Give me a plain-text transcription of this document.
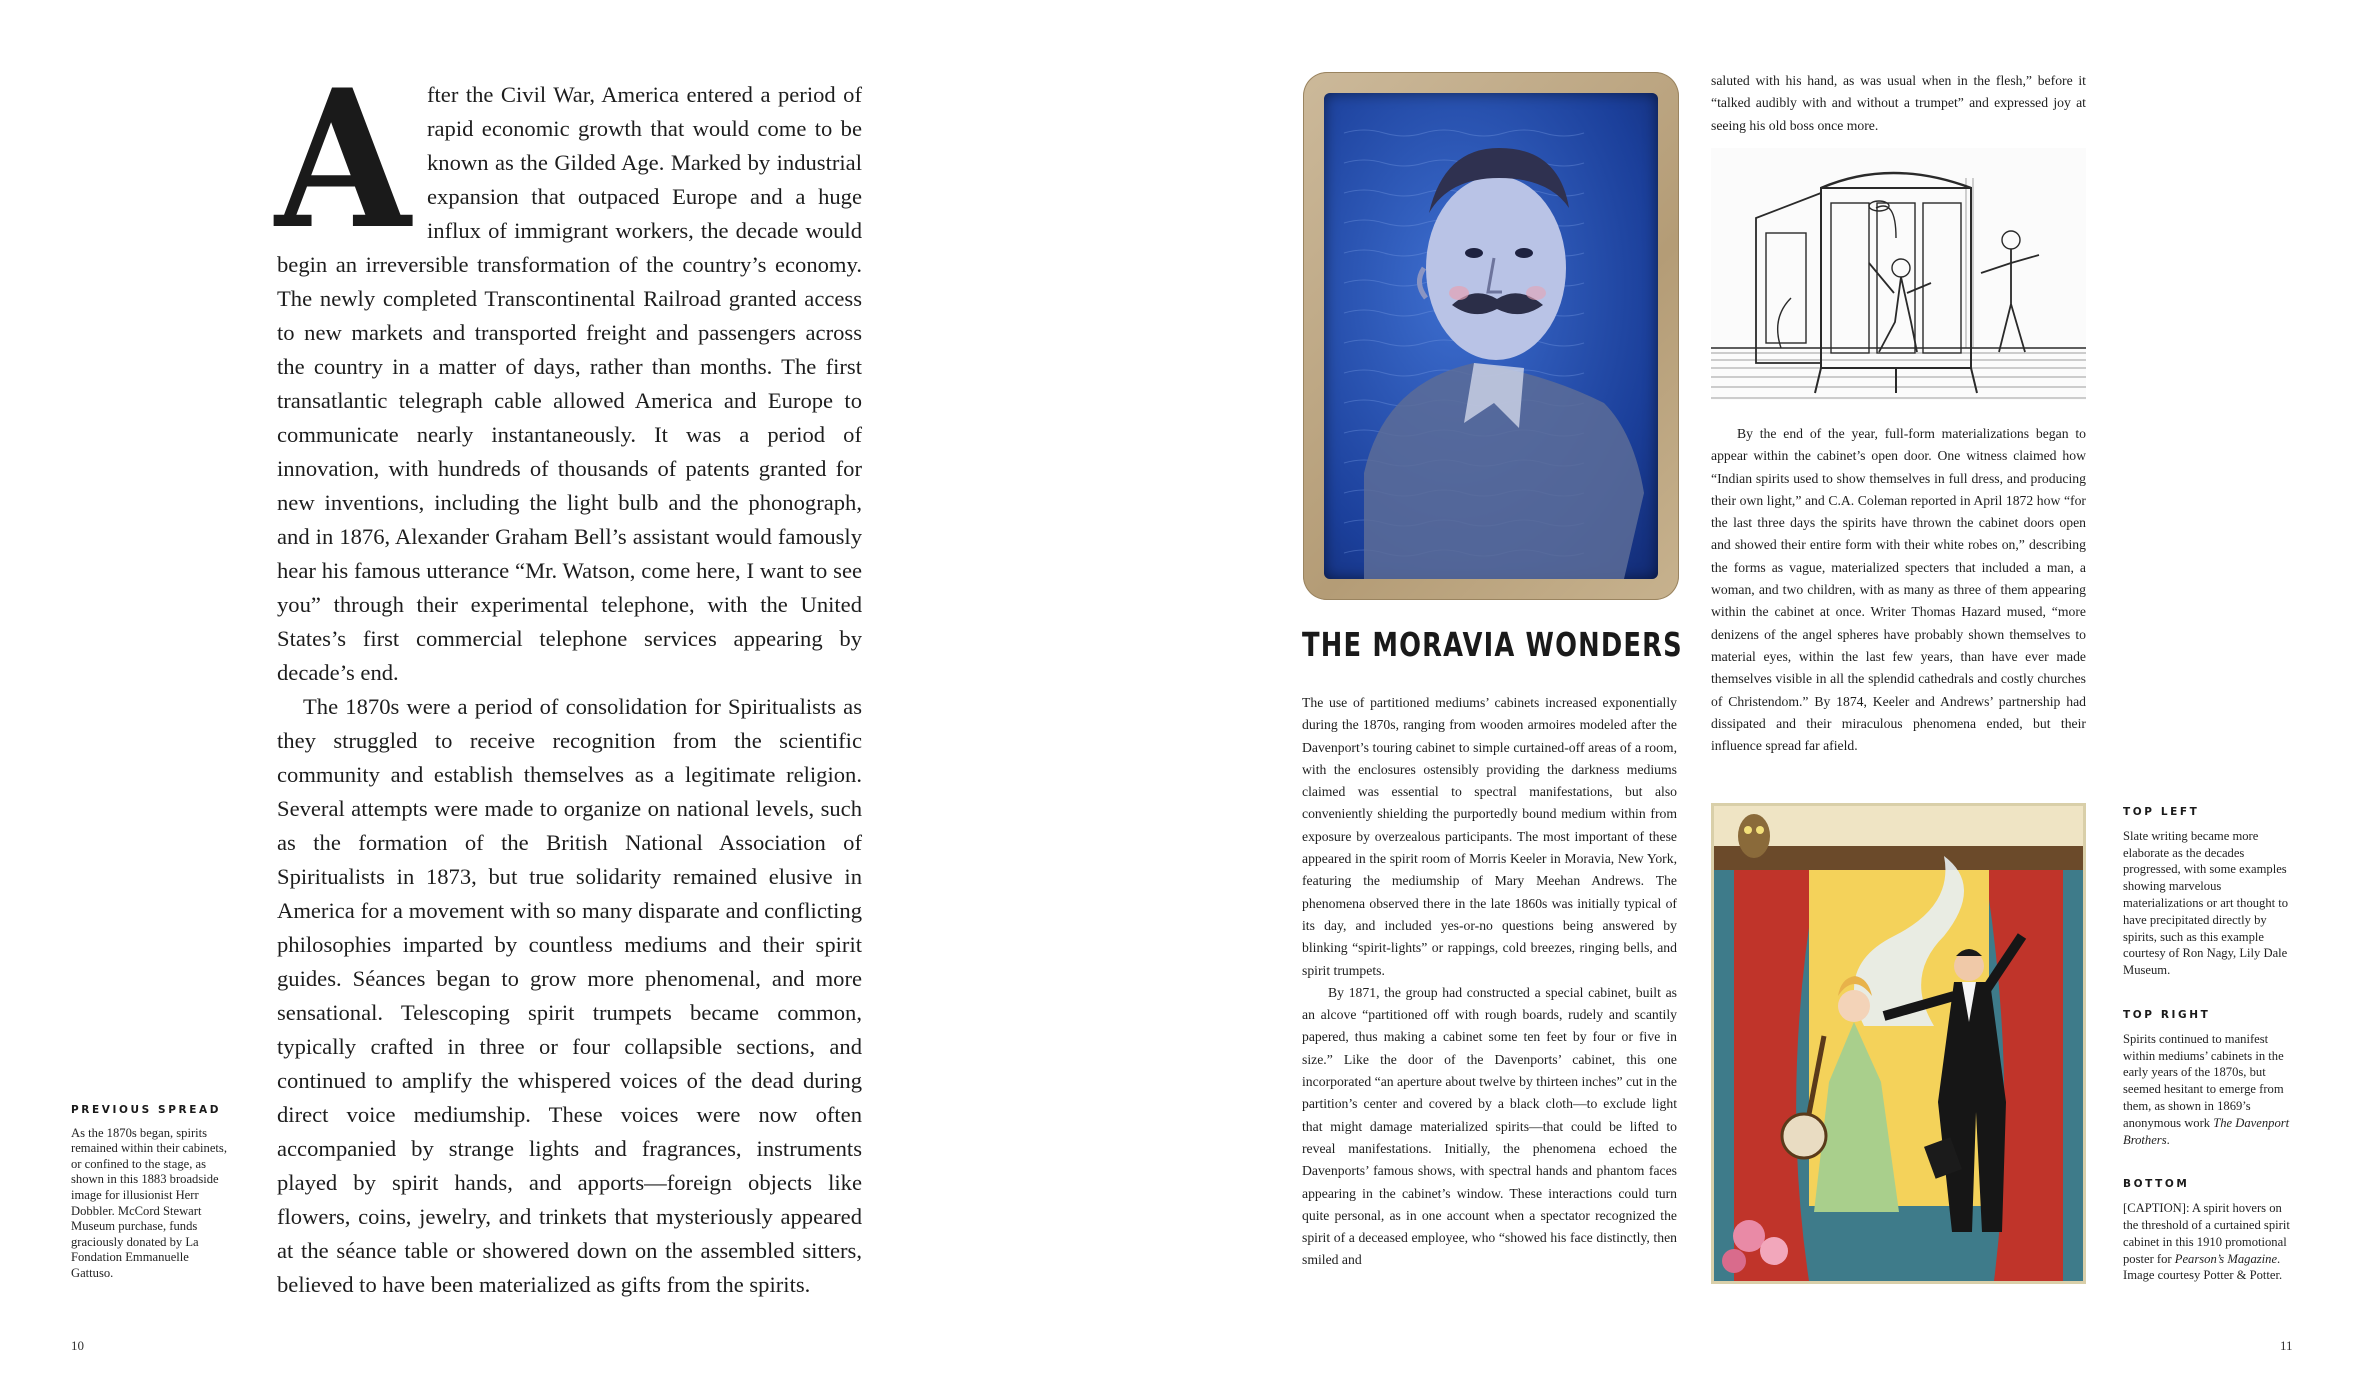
After the Civil War, America entered a period of rapid economic growth that would come to be known as the Gilded Age. Marked by industrial expansion that outpaced Europe and a huge influx of immigrant workers, the decade would begin an irreversible transformation of the country’s economy. The newly completed Transcontinental Railroad granted access to new markets and transported freight and passengers across the country in a matter of days, rather than months. The first transatlantic telegraph cable allowed America and Europe to communicate nearly instantaneously. It was a period of innovation, with hundreds of thousands of patents granted for new inventions, including the light bulb and the phonograph, and in 1876, Alexander Graham Bell’s assistant would famously hear his famous utterance “Mr. Watson, come here, I want to see you” through their experimental telephone, with the United States’s first commercial telephone services appearing by decade’s end.

The 1870s were a period of consolidation for Spiritualists as they struggled to receive recognition from the scientific community and establish themselves as a legitimate religion. Several attempts were made to organize on national levels, such as the formation of the British National Association of Spiritualists in 1873, but true solidarity remained elusive in America for a movement with so many disparate and conflicting philosophies imparted by countless mediums and their spirit guides. Séances began to grow more phenomenal, and more sensational. Telescoping spirit trumpets became common, typically crafted in three or four collapsible sections, and continued to amplify the whispered voices of the dead during direct voice mediumship. These voices were now often accompanied by strange lights and fragrances, instruments played by spirit hands, and apports—foreign objects like flowers, coins, jewelry, and trinkets that mysteriously appeared at the séance table or showered down on the assembled sitters, believed to have been materialized as gifts from the spirits.

PREVIOUS SPREAD
As the 1870s began, spirits remained within their cabinets, or confined to the stage, as shown in this 1883 broadside image for illusionist Herr Dobbler. McCord Stewart Museum purchase, funds graciously donated by La Fondation Emmanuelle Gattuso.
10
THE MORAVIA WONDERS

The use of partitioned mediums’ cabinets increased exponentially during the 1870s, ranging from wooden armoires modeled after the Davenport’s touring cabinet to simple curtained-off areas of a room, with the enclosures ostensibly providing the darkness mediums claimed was essential to spectral manifestations, but also conveniently shielding the purportedly bound medium within from exposure by overzealous participants. The most important of these appeared in the spirit room of Morris Keeler in Moravia, New York, featuring the mediumship of Mary Meehan Andrews. The phenomena observed there in the late 1860s was initially typical of its day, and included yes-or-no questions being answered by blinking “spirit-lights” or rappings, cold breezes, ringing bells, and spirit trumpets.

By 1871, the group had constructed a special cabinet, built as an alcove “partitioned off with rough boards, rudely and scantily papered, thus making a cabinet some ten feet by four or five in size.” Like the door of the Davenports’ cabinet, this one incorporated “an aperture about twelve by thirteen inches” cut in the partition’s center and covered by a black cloth—to exclude light that might damage materialized spirits—that could be lifted to reveal manifestations. Initially, the phenomena echoed the Davenports’ famous shows, with spectral hands and phantom faces appearing in the cabinet’s window. These interactions could turn quite personal, as in one account when a spectator recognized the spirit of a deceased employee, who “showed his face distinctly, then smiled and

saluted with his hand, as was usual when in the flesh,” before it “talked audibly with and without a trumpet” and expressed joy at seeing his old boss once more.

By the end of the year, full-form materializations began to appear within the cabinet’s open door. One witness claimed how “Indian spirits used to show themselves in full dress, and producing their own light,” and C.A. Coleman reported in April 1872 how “for the last three days the spirits have thrown the cabinet doors open and showed their entire form with their white robes on,” describing the forms as vague, materialized specters that included a man, a woman, and two children, with as many as three of them appearing within the cabinet at once. Writer Thomas Hazard mused, “more denizens of the angel spheres have probably shown themselves to material eyes, within the last few years, than have ever made themselves visible in all the splendid cathedrals and costly churches of Christendom.” By 1874, Keeler and Andrews’ partnership had dissipated and their miraculous phenomena ended, but their influence spread far afield.

TOP LEFT
Slate writing became more elaborate as the decades progressed, with some examples showing marvelous materializations or art thought to have precipitated directly by spirits, such as this example courtesy of Ron Nagy, Lily Dale Museum.
TOP RIGHT
Spirits continued to manifest within mediums’ cabinets in the early years of the 1870s, but seemed hesitant to emerge from them, as shown in 1869’s anonymous work The Davenport Brothers.
BOTTOM
[CAPTION]: A spirit hovers on the threshold of a curtained spirit cabinet in this 1910 promotional poster for Pearson’s Magazine. Image courtesy Potter & Potter.
11
